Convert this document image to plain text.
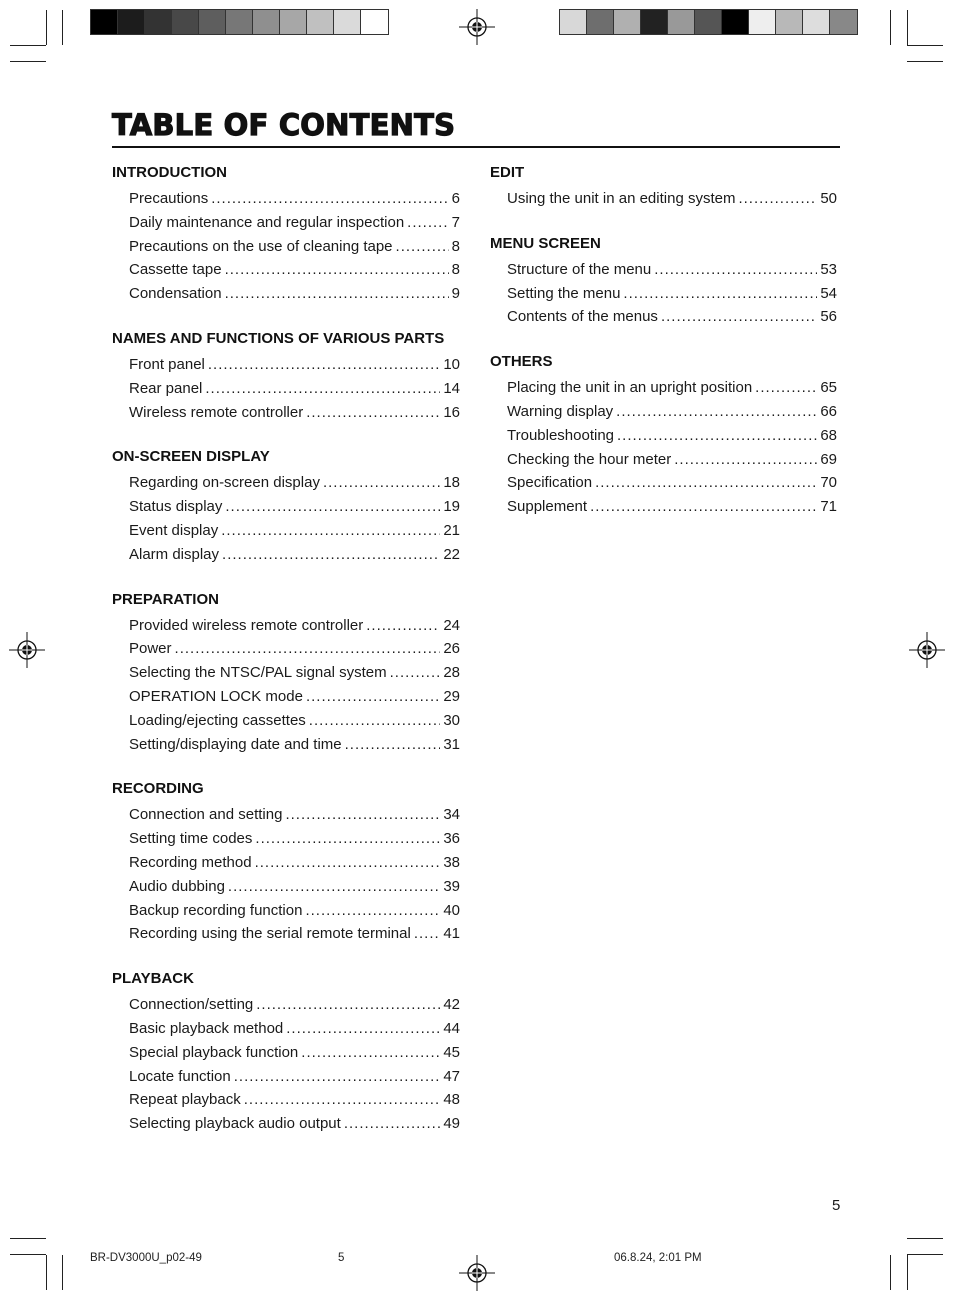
TABLE OF CONTENTS
INTRODUCTION
Precautions .....	6
Daily maintenance and regular inspection .....	7
Precautions on the use of cleaning tape .....	8
Cassette tape .....	8
Condensation .....	9
NAMES AND FUNCTIONS OF VARIOUS PARTS
Front panel .....	10
Rear panel .....	14
Wireless remote controller .....	16
ON-SCREEN DISPLAY
Regarding on-screen display .....	18
Status display .....	19
Event display .....	21
Alarm display .....	22
PREPARATION
Provided wireless remote controller .....	24
Power .....	26
Selecting the NTSC/PAL signal system .....	28
OPERATION LOCK mode .....	29
Loading/ejecting cassettes .....	30
Setting/displaying date and time .....	31
RECORDING
Connection and setting .....	34
Setting time codes .....	36
Recording method .....	38
Audio dubbing .....	39
Backup recording function .....	40
Recording using the serial remote terminal ..... 41
PLAYBACK
Connection/setting .....	42
Basic playback method .....	44
Special playback function .....	45
Locate function .....	47
Repeat playback .....	48
Selecting playback audio output .....	49
EDIT
Using the unit in an editing system .....	50
MENU SCREEN
Structure of the menu .....	53
Setting the menu .....	54
Contents of the menus .....	56
OTHERS
Placing the unit in an upright position .....	65
Warning display .....	66
Troubleshooting .....	68
Checking the hour meter .....	69
Specification .....	70
Supplement .....	71
5
BR-DV3000U_p02-49	5	06.8.24, 2:01 PM
